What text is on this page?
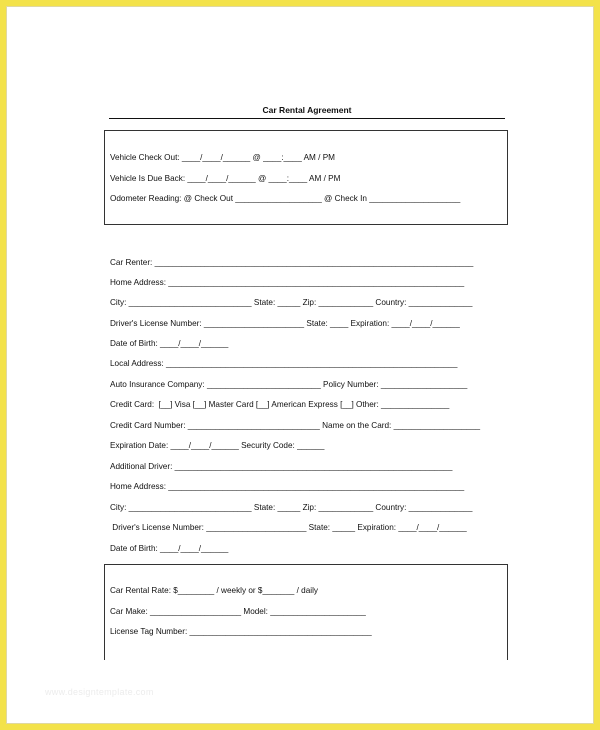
Car Rental Agreement
Vehicle Check Out: ____/____/______ @ ____:____ AM / PM
Vehicle Is Due Back: ____/____/______ @ ____:____ AM / PM
Odometer Reading: @ Check Out ___________________ @ Check In ____________________
Car Renter: ______________________________________________________________________
Home Address: _________________________________________________________________
City: ___________________________ State: _____ Zip: ____________ Country: ______________
Driver's License Number: ______________________ State: ____ Expiration: ____/____/______
Date of Birth: ____/____/______
Local Address: ________________________________________________________________
Auto Insurance Company: _________________________ Policy Number: ___________________
Credit Card:  [__] Visa [__] Master Card [__] American Express [__] Other: _______________
Credit Card Number: _____________________________ Name on the Card: ___________________
Expiration Date: ____/____/______ Security Code: ______
Additional Driver: _____________________________________________________________
Home Address: _________________________________________________________________
City: ___________________________ State: _____ Zip: ____________ Country: ______________
Driver's License Number: ______________________ State: _____ Expiration: ____/____/______
Date of Birth: ____/____/______
Car Rental Rate: $________ / weekly or $_______ / daily
Car Make: ____________________ Model: _____________________
License Tag Number: ________________________________________
www.designtemplate.com
